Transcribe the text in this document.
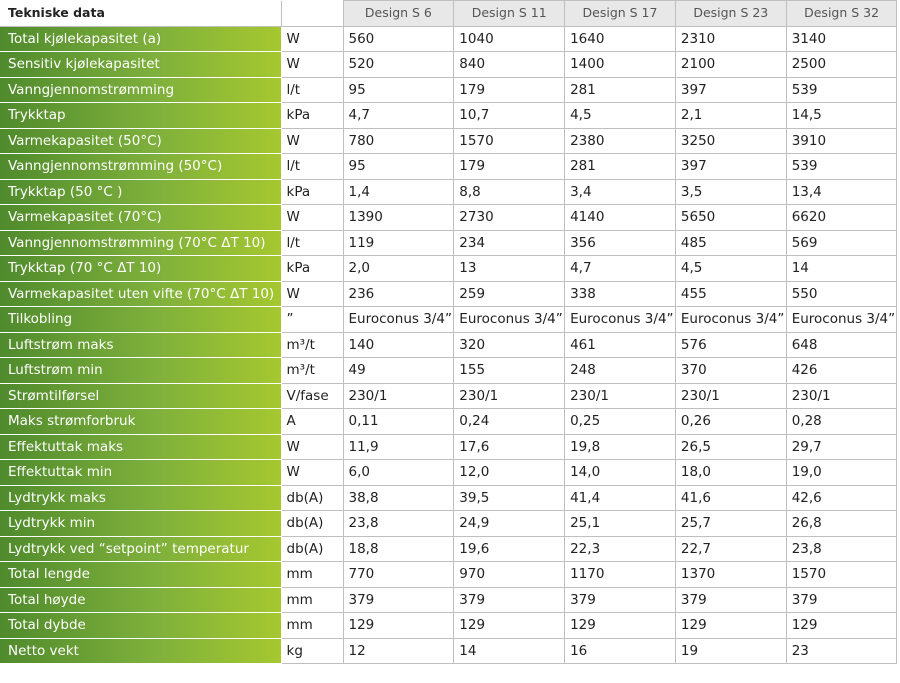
Tekniske data		Design S 6	Design S 11	Design S 17	Design S 23	Design S 32
Total kjølekapasitet (a)	W	560	1040	1640	2310	3140
Sensitiv kjølekapasitet	W	520	840	1400	2100	2500
Vanngjennomstrømming	l/t	95	179	281	397	539
Trykktap	kPa	4,7	10,7	4,5	2,1	14,5
Varmekapasitet (50°C)	W	780	1570	2380	3250	3910
Vanngjennomstrømming (50°C)	l/t	95	179	281	397	539
Trykktap (50 °C )	kPa	1,4	8,8	3,4	3,5	13,4
Varmekapasitet (70°C)	W	1390	2730	4140	5650	6620
Vanngjennomstrømming (70°C ΔT 10)	l/t	119	234	356	485	569
Trykktap (70 °C ΔT 10)	kPa	2,0	13	4,7	4,5	14
Varmekapasitet uten vifte (70°C ΔT 10)	W	236	259	338	455	550
Tilkobling	”	Euroconus 3/4”	Euroconus 3/4”	Euroconus 3/4”	Euroconus 3/4”	Euroconus 3/4”
Luftstrøm maks	m³/t	140	320	461	576	648
Luftstrøm min	m³/t	49	155	248	370	426
Strømtilførsel	V/fase	230/1	230/1	230/1	230/1	230/1
Maks strømforbruk	A	0,11	0,24	0,25	0,26	0,28
Effektuttak maks	W	11,9	17,6	19,8	26,5	29,7
Effektuttak min	W	6,0	12,0	14,0	18,0	19,0
Lydtrykk maks	db(A)	38,8	39,5	41,4	41,6	42,6
Lydtrykk min	db(A)	23,8	24,9	25,1	25,7	26,8
Lydtrykk ved “setpoint” temperatur	db(A)	18,8	19,6	22,3	22,7	23,8
Total lengde	mm	770	970	1170	1370	1570
Total høyde	mm	379	379	379	379	379
Total dybde	mm	129	129	129	129	129
Netto vekt	kg	12	14	16	19	23
